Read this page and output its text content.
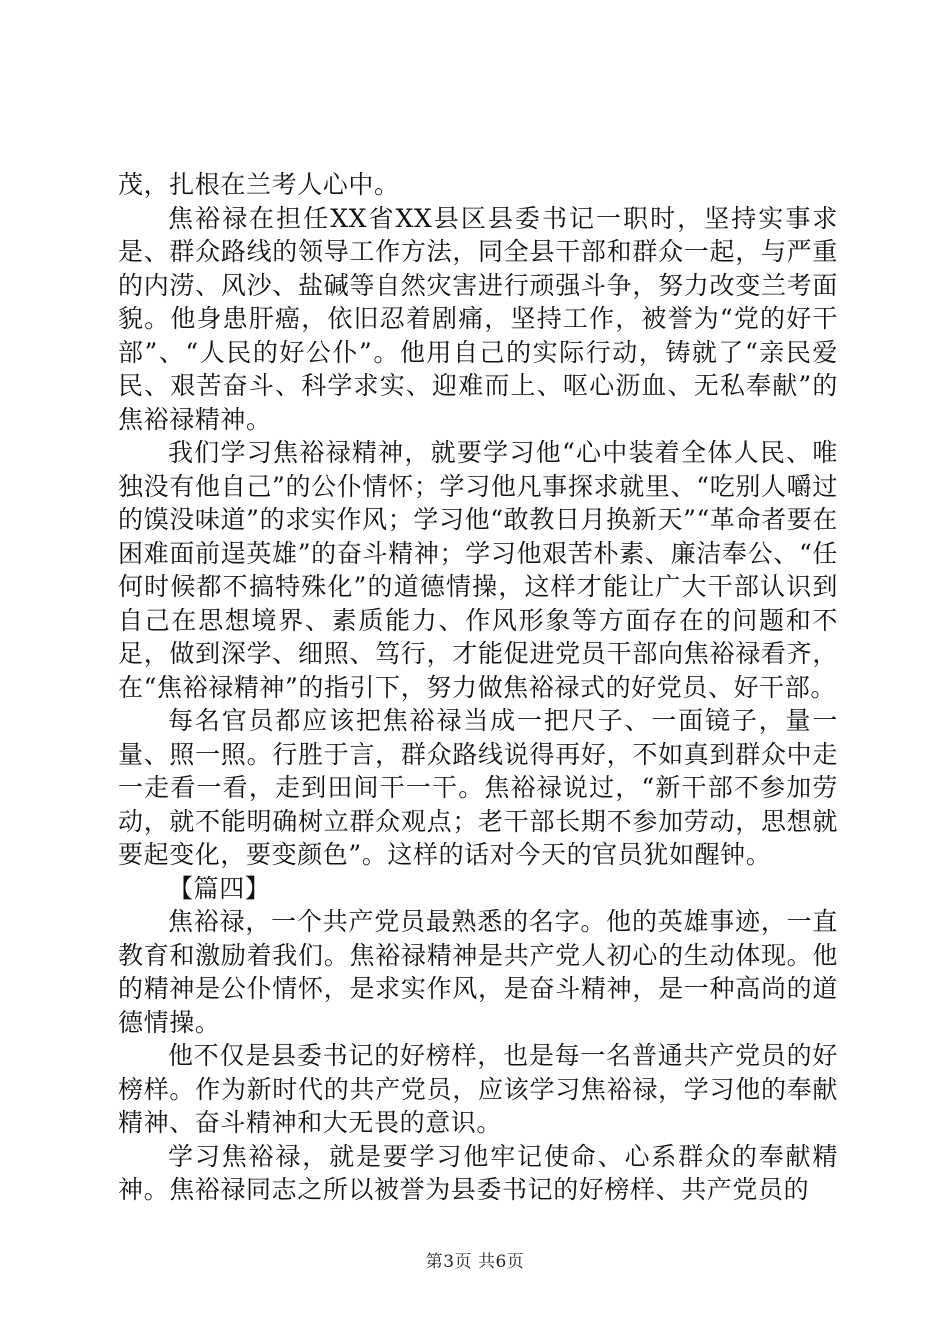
茂，扎根在兰考人心中。

焦裕禄在担任XX省XX县区县委书记一职时，坚持实事求是、群众路线的领导工作方法，同全县干部和群众一起，与严重的内涝、风沙、盐碱等自然灾害进行顽强斗争，努力改变兰考面貌。他身患肝癌，依旧忍着剧痛，坚持工作，被誉为“党的好干部”、“人民的好公仆”。他用自己的实际行动，铸就了“亲民爱民、艰苦奋斗、科学求实、迎难而上、呕心沥血、无私奉献”的焦裕禄精神。

我们学习焦裕禄精神，就要学习他“心中装着全体人民、唯独没有他自己”的公仆情怀；学习他凡事探求就里、“吃别人嚼过的馍没味道”的求实作风；学习他“敢教日月换新天”“革命者要在困难面前逞英雄”的奋斗精神；学习他艰苦朴素、廉洁奉公、“任何时候都不搞特殊化”的道德情操，这样才能让广大干部认识到自己在思想境界、素质能力、作风形象等方面存在的问题和不足，做到深学、细照、笃行，才能促进党员干部向焦裕禄看齐，在“焦裕禄精神”的指引下，努力做焦裕禄式的好党员、好干部。

每名官员都应该把焦裕禄当成一把尺子、一面镜子，量一量、照一照。行胜于言，群众路线说得再好，不如真到群众中走一走看一看，走到田间干一干。焦裕禄说过，“新干部不参加劳动，就不能明确树立群众观点；老干部长期不参加劳动，思想就要起变化，要变颜色”。这样的话对今天的官员犹如醒钟。

【篇四】

焦裕禄，一个共产党员最熟悉的名字。他的英雄事迹，一直教育和激励着我们。焦裕禄精神是共产党人初心的生动体现。他的精神是公仆情怀，是求实作风，是奋斗精神，是一种高尚的道德情操。

他不仅是县委书记的好榜样，也是每一名普通共产党员的好榜样。作为新时代的共产党员，应该学习焦裕禄，学习他的奉献精神、奋斗精神和大无畏的意识。

学习焦裕禄，就是要学习他牢记使命、心系群众的奉献精神。焦裕禄同志之所以被誉为县委书记的好榜样、共产党员的

第3页 共6页
